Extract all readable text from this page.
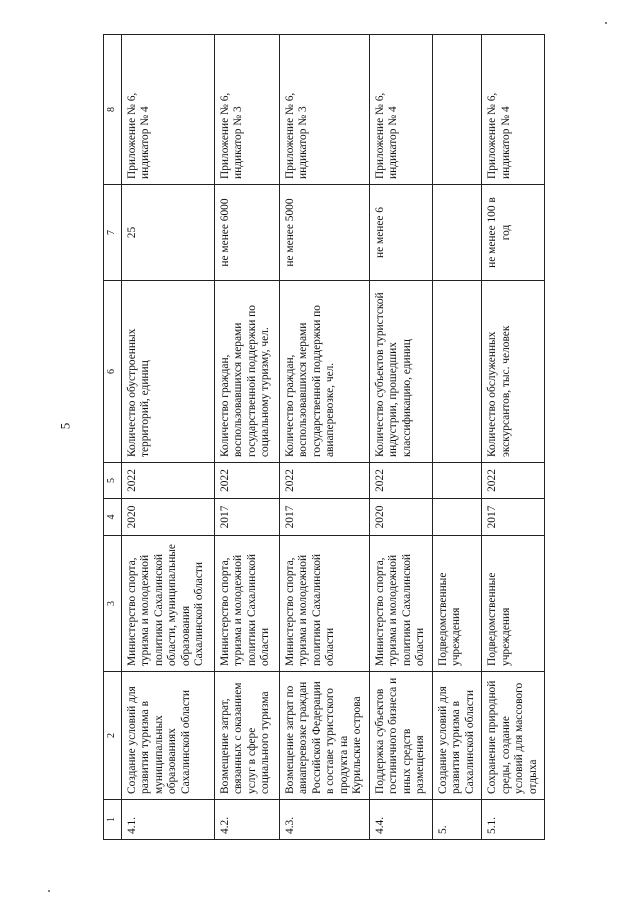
5
1	2	3	4	5	6	7	8
4.1.	Создание условий для развития туризма в муниципальных образованиях Сахалинской области	Министерство спорта, туризма и молодежной политики Сахалинской области, муниципальные образования Сахалинской области	2020	2022	Количество обустроенных территорий, единиц	25	Приложение № 6, индикатор № 4
4.2.	Возмещение затрат, связанных с оказанием услуг в сфере социального туризма	Министерство спорта, туризма и молодежной политики Сахалинской области	2017	2022	Количество граждан, воспользовавшихся мерами государственной поддержки по социальному туризму, чел.	не менее 6000	Приложение № 6, индикатор № 3
4.3.	Возмещение затрат по авиаперевозке граждан Российской Федерации в составе туристского продукта на Курильские острова	Министерство спорта, туризма и молодежной политики Сахалинской области	2017	2022	Количество граждан, воспользовавшихся мерами государственной поддержки по авиаперевозке, чел.	не менее 5000	Приложение № 6, индикатор № 3
4.4.	Поддержка субъектов гостиничного бизнеса и иных средств размещения	Министерство спорта, туризма и молодежной политики Сахалинской области	2020	2022	Количество субъектов туристской индустрии, прошедших классификацию, единиц	не менее 6	Приложение № 6, индикатор № 4
5.	Создание условий для развития туризма в Сахалинской области	Подведомственные учреждения					
5.1.	Сохранение природной среды, создание условий для массового отдыха	Подведомственные учреждения	2017	2022	Количество обслуженных экскурсантов, тыс. человек	не менее 100 в год	Приложение № 6, индикатор № 4
